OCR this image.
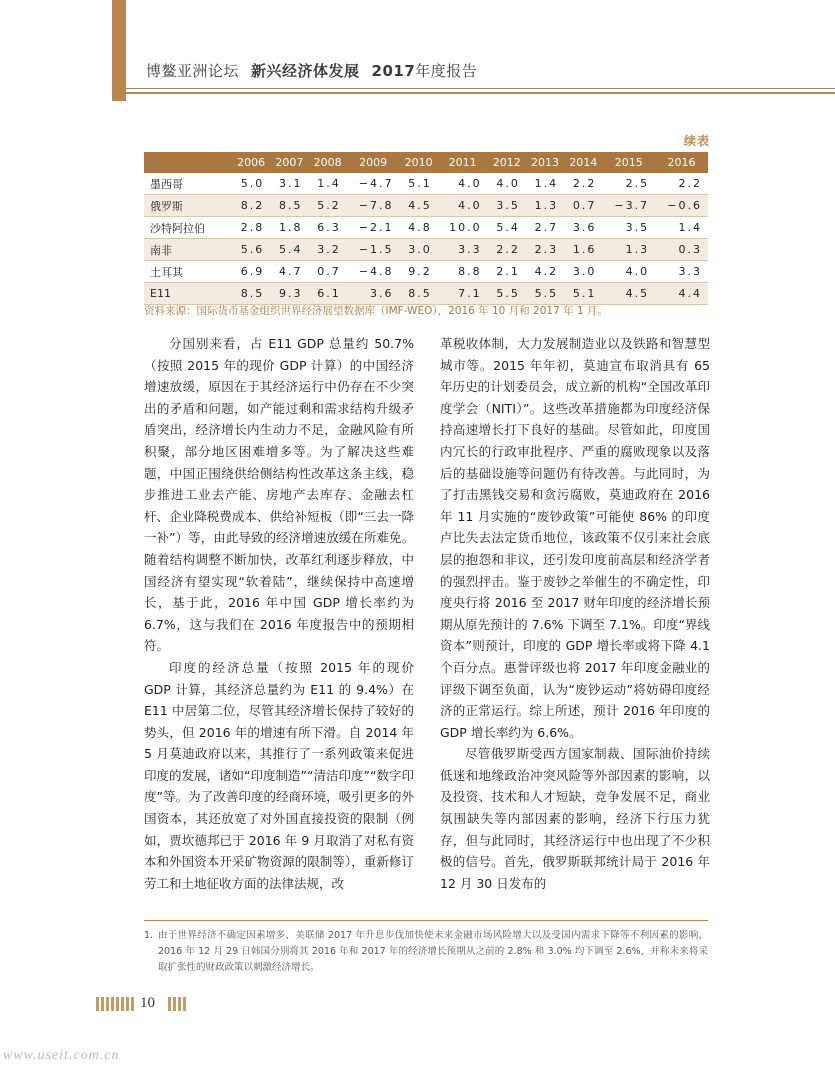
博鳌亚洲论坛 新兴经济体发展 2017年度报告
续表
	2006	2007	2008	2009	2010	2011	2012	2013	2014	2015	2016
墨西哥	5.0	3.1	1.4	−4.7	5.1	4.0	4.0	1.4	2.2	2.5	2.2
俄罗斯	8.2	8.5	5.2	−7.8	4.5	4.0	3.5	1.3	0.7	−3.7	−0.6
沙特阿拉伯	2.8	1.8	6.3	−2.1	4.8	10.0	5.4	2.7	3.6	3.5	1.4
南非	5.6	5.4	3.2	−1.5	3.0	3.3	2.2	2.3	1.6	1.3	0.3
土耳其	6.9	4.7	0.7	−4.8	9.2	8.8	2.1	4.2	3.0	4.0	3.3
E11	8.5	9.3	6.1	3.6	8.5	7.1	5.5	5.5	5.1	4.5	4.4
资料来源：国际货币基金组织世界经济展望数据库（IMF-WEO），2016 年 10 月和 2017 年 1 月。

分国别来看，占 E11 GDP 总量约 50.7%（按照 2015 年的现价 GDP 计算）的中国经济增速放缓，原因在于其经济运行中仍存在不少突出的矛盾和问题，如产能过剩和需求结构升级矛盾突出，经济增长内生动力不足，金融风险有所积聚，部分地区困难增多等。为了解决这些难题，中国正围绕供给侧结构性改革这条主线，稳步推进工业去产能、房地产去库存、金融去杠杆、企业降税费成本、供给补短板（即“三去一降一补”）等，由此导致的经济增速放缓在所难免。随着结构调整不断加快，改革红利逐步释放，中国经济有望实现“软着陆”，继续保持中高速增长，基于此，2016 年中国 GDP 增长率约为 6.7%，这与我们在 2016 年度报告中的预期相符。

印度的经济总量（按照 2015 年的现价 GDP 计算，其经济总量约为 E11 的 9.4%）在 E11 中居第二位，尽管其经济增长保持了较好的势头，但 2016 年的增速有所下滑。自 2014 年 5 月莫迪政府以来，其推行了一系列政策来促进印度的发展，诸如“印度制造”“清洁印度”“数字印度”等。为了改善印度的经商环境，吸引更多的外国资本，其还放宽了对外国直接投资的限制（例如，贾坎德邦已于 2016 年 9 月取消了对私有资本和外国资本开采矿物资源的限制等），重新修订劳工和土地征收方面的法律法规，改

革税收体制，大力发展制造业以及铁路和智慧型城市等。2015 年年初，莫迪宣布取消具有 65 年历史的计划委员会，成立新的机构“全国改革印度学会（NITI）”。这些改革措施都为印度经济保持高速增长打下良好的基础。尽管如此，印度国内冗长的行政审批程序、严重的腐败现象以及落后的基础设施等问题仍有待改善。与此同时，为了打击黑钱交易和贪污腐败，莫迪政府在 2016 年 11 月实施的“废钞政策”可能使 86% 的印度卢比失去法定货币地位，该政策不仅引来社会底层的抱怨和非议，还引发印度前高层和经济学者的强烈抨击。鉴于废钞之举催生的不确定性，印度央行将 2016 至 2017 财年印度的经济增长预期从原先预计的 7.6% 下调至 7.1%。印度“界线资本”则预计，印度的 GDP 增长率或将下降 4.1 个百分点。惠誉评级也将 2017 年印度金融业的评级下调至负面，认为“废钞运动”将妨碍印度经济的正常运行。综上所述，预计 2016 年印度的 GDP 增长率约为 6.6%。

尽管俄罗斯受西方国家制裁、国际油价持续低迷和地缘政治冲突风险等外部因素的影响，以及投资、技术和人才短缺，竞争发展不足，商业氛围缺失等内部因素的影响，经济下行压力犹存，但与此同时，其经济运行中也出现了不少积极的信号。首先，俄罗斯联邦统计局于 2016 年 12 月 30 日发布的

1. 由于世界经济不确定因素增多、美联储 2017 年升息步伐加快使未来金融市场风险增大以及受国内需求下降等不利因素的影响，2016 年 12 月 29 日韩国分别将其 2016 年和 2017 年的经济增长预期从之前的 2.8% 和 3.0% 均下调至 2.6%，并称未来将采取扩张性的财政政策以刺激经济增长。
10
www.useit.com.cn
